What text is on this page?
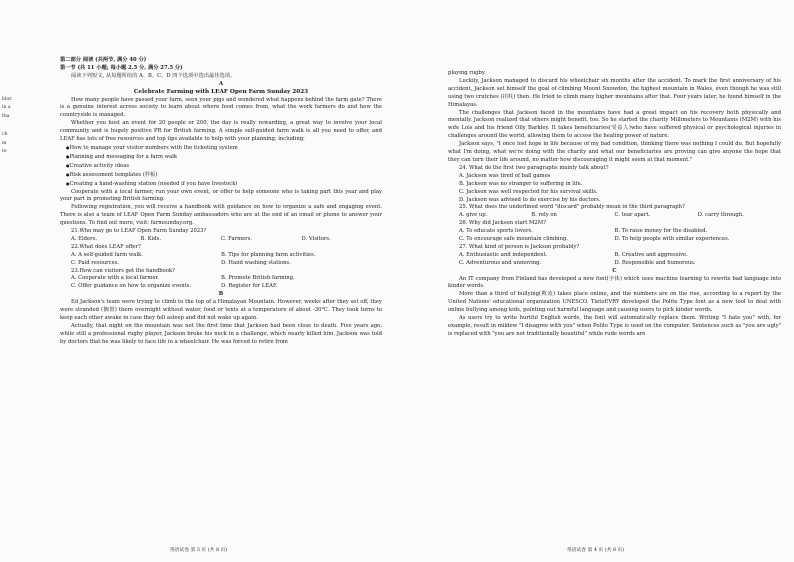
blur
in a
tha
ch
m
te

第二部分 阅读 (共两节, 满分 40 分)

第一节 (共 11 小题; 每小题 2.5 分, 满分 27.5 分)

阅读下列短文, 从每题所给的 A、B、C、D 四个选项中选出最佳选项。

A

Celebrate Farming with LEAF Open Farm Sunday 2023

How many people have passed your farm, seen your pigs and wondered what happens behind the farm gate? There is a genuine interest across society to learn about where food comes from, what the work farmers do and how the countryside is managed.

Whether you host an event for 20 people or 200, the day is really rewarding, a great way to involve your local community and is hugely positive PR for British farming. A simple self-guided farm walk is all you need to offer, and LEAF has lots of free resources and top tips available to help with your planning, including:

● How to manage your visitor numbers with the ticketing system
● Planning and messaging for a farm walk
● Creative activity ideas
● Risk assessment templates (样板)
● Creating a hand-washing station (needed if you have livestock)

Cooperate with a local farmer, run your own event, or offer to help someone who is taking part this year and play your part in promoting British farming.

Following registration, you will receive a handbook with guidance on how to organize a safe and engaging event. There is also a team of LEAF Open Farm Sunday ambassadors who are at the end of an email or phone to answer your questions. To find out more, visit: farmsunday.org.

21.Who may go to LEAF Open Farm Sunday 2023?

A. Elders.	B. Kids.	C. Farmers.	D. Visitors.

22.What does LEAF offer?

A. A self-guided farm walk.	B. Tips for planning farm activities.
C. Paid resources.	D. Hand washing stations.

23.How can visitors get the handbook?

A. Cooperate with a local farmer.	B. Promote British farming.
C. Offer guidance on how to organize events.	D. Register for LEAF.

B

Ed Jackson's team were trying to climb to the top of a Himalayan Mountain. However, weeks after they set off, they were stranded (搁置) there overnight without water, food or tents at a temperature of about -30℃. They took turns to keep each other awake in case they fell asleep and did not wake up again.

Actually, that night on the mountain was not the first time that Jackson had been close to death. Five years ago, while still a professional rugby player, Jackson broke his neck in a challenge, which nearly killed him. Jackson was told by doctors that he was likely to face life in a wheelchair. He was forced to retire from

英语试卷 第 3 页 (共 8 页)

playing rugby.

Luckily, Jackson managed to discard his wheelchair six months after the accident. To mark the first anniversary of his accident, Jackson set himself the goal of climbing Mount Snowdon, the highest mountain in Wales, even though he was still using two crutches (拐杖) then. He tried to climb many higher mountains after that. Four years later, he found himself in the Himalayas.

The challenges that Jackson faced in the mountains have had a great impact on his recovery both physically and mentally. Jackson realized that others might benefit, too. So he started the charity Millimeters to Mountains (M2M) with his wife Lois and his friend Olly Barkley. It takes beneficiaries(受益人)who have suffered physical or psychological injuries in challenges around the world, allowing them to access the healing power of nature.

Jackson says, "I once lost hope in life because of my bad condition, thinking there was nothing I could do. But hopefully what I'm doing, what we're doing with the charity and what our beneficiaries are proving can give anyone the hope that they can turn their life around, no matter how discouraging it might seem at that moment."

24. What do the first two paragraphs mainly talk about?

A. Jackson was tired of ball games
B. Jackson was no stranger to suffering in life.
C. Jackson was well respected for his survival skills.
D. Jackson was advised to do exercise by his doctors.

25. What does the underlined word "discard" probably mean in the third paragraph?

A. give up.	B. rely on	C. tear apart.	D. carry through.

26. Why did Jackson start M2M?

A. To educate sports lovers.	B. To raise money for the disabled.
C. To encourage safe mountain climbing.	D. To help people with similar experiences.

27. What kind of person is Jackson probably?

A. Enthusiastic and independent.	B. Creative and aggressive.
C. Adventurous and unmoving.	D. Responsible and humorous.

C

An IT company from Finland has developed a new font(字体) which uses machine learning to rewrite bad language into kinder words.

More than a third of bullying(欺凌) takes place online, and the numbers are on the rise, according to a report by the United Nations' educational organization UNESCO. TietoEVRY developed the Polite Type font as a new tool to deal with online bullying among kids, pointing out harmful language and causing users to pick kinder words.

As users try to write hurtful English words, the font will automatically replace them. Writing "I hate you" with, for example, result in mildew "I disagree with you" when Polite Type is used on the computer. Sentences such as "you are ugly" is replaced with "you are not traditionally beautiful" while rude words are

英语试卷 第 4 页 (共 8 页)
